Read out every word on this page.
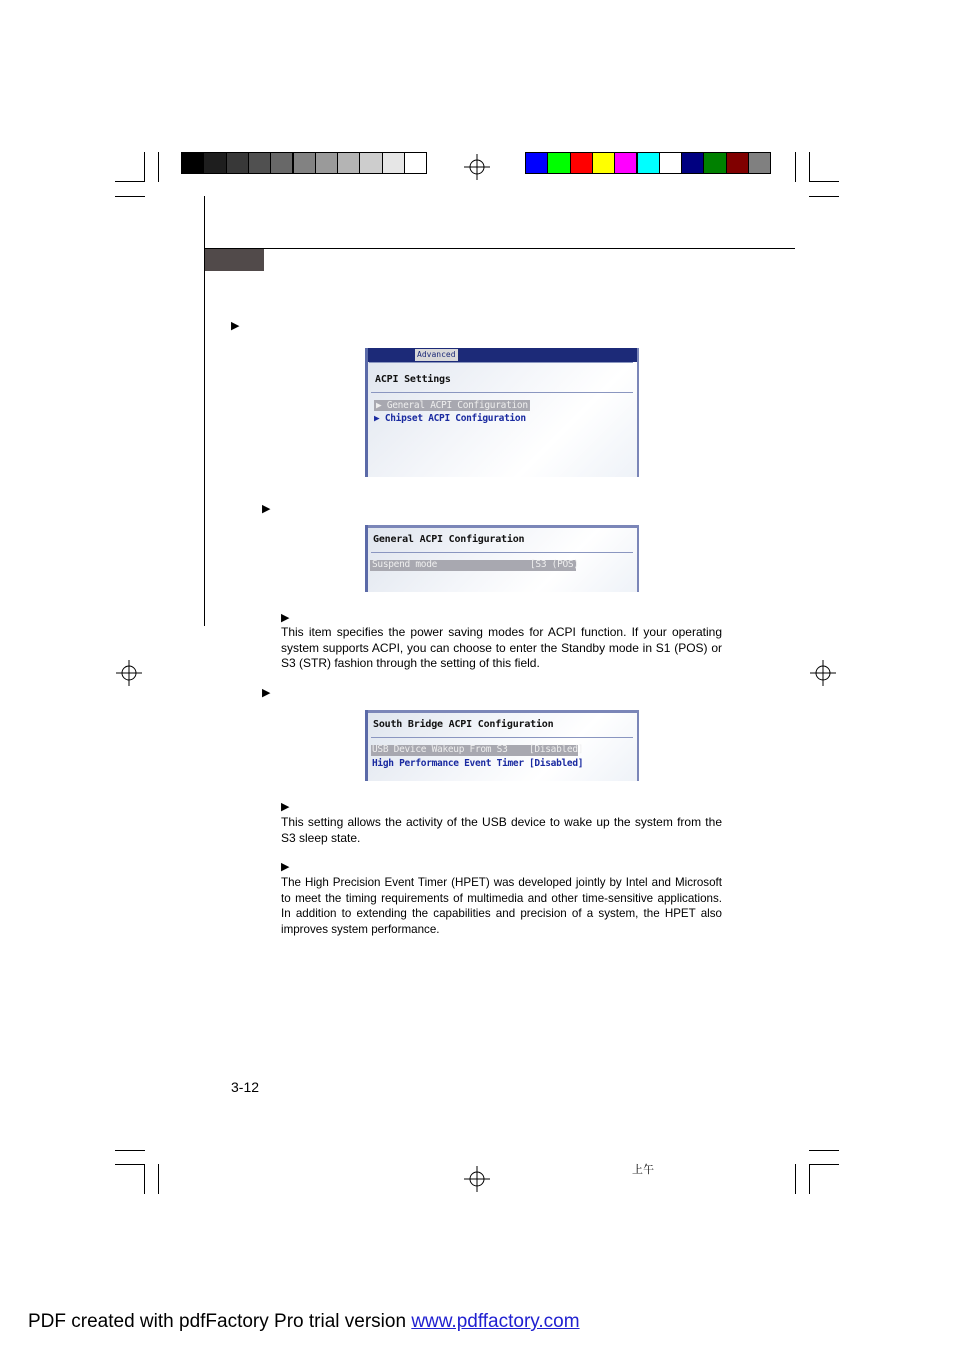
▶
▶
▶
▶
▶
▶
Advanced
ACPI Settings
▶ General ACPI Configuration
▶ Chipset ACPI Configuration
General ACPI Configuration
Suspend mode	[S3 (POS)
This item specifies the power saving modes for ACPI function. If your operating system supports ACPI, you can choose to enter the Standby mode in S1 (POS) or S3 (STR) fashion through the setting of this field.
South Bridge ACPI Configuration
USB Device Wakeup From S3 [Disabled]
High Performance Event Timer [Disabled]
This setting allows the activity of the USB device to wake up the system from the S3 sleep state.
The High Precision Event Timer (HPET) was developed jointly by Intel and Microsoft to meet the timing requirements of multimedia and other time-sensitive applications. In addition to extending the capabilities and precision of a system, the HPET also improves system performance.
3-12
上午
PDF created with pdfFactory Pro trial version www.pdffactory.com
